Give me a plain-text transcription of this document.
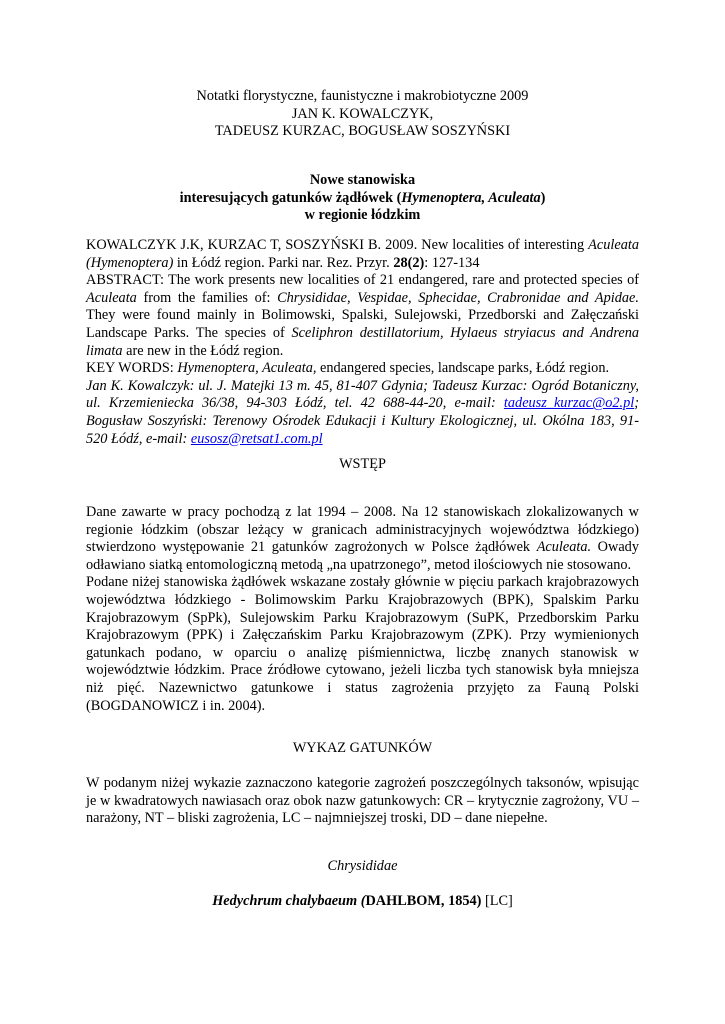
Notatki florystyczne, faunistyczne i makrobiotyczne 2009

JAN K. KOWALCZYK,

TADEUSZ KURZAC, BOGUSŁAW SOSZYŃSKI

Nowe stanowiska

interesujących gatunków żądłówek (Hymenoptera, Aculeata)

w regionie łódzkim

KOWALCZYK J.K, KURZAC T, SOSZYŃSKI B. 2009. New localities of interesting Aculeata (Hymenoptera) in Łódź region. Parki nar. Rez. Przyr. 28(2): 127-134

ABSTRACT: The work presents new localities of 21 endangered, rare and protected species of Aculeata from the families of: Chrysididae, Vespidae, Sphecidae, Crabronidae and Apidae. They were found mainly in Bolimowski, Spalski, Sulejowski, Przedborski and Załęczański Landscape Parks. The species of Sceliphron destillatorium, Hylaeus stryiacus and Andrena limata are new in the Łódź region.

KEY WORDS: Hymenoptera, Aculeata, endangered species, landscape parks, Łódź region.

Jan K. Kowalczyk: ul. J. Matejki 13 m. 45, 81-407 Gdynia; Tadeusz Kurzac: Ogród Botaniczny, ul. Krzemieniecka 36/38, 94-303 Łódź, tel. 42 688-44-20, e-mail: tadeusz_kurzac@o2.pl; Bogusław Soszyński: Terenowy Ośrodek Edukacji i Kultury Ekologicznej, ul. Okólna 183, 91-520 Łódź, e-mail: eusosz@retsat1.com.pl

WSTĘP

Dane zawarte w pracy pochodzą z lat 1994 – 2008. Na 12 stanowiskach zlokalizowanych w regionie łódzkim (obszar leżący w granicach administracyjnych województwa łódzkiego) stwierdzono występowanie 21 gatunków zagrożonych w Polsce żądłówek Aculeata. Owady odławiano siatką entomologiczną metodą „na upatrzonego”, metod ilościowych nie stosowano.

Podane niżej stanowiska żądłówek wskazane zostały głównie w pięciu parkach krajobrazowych województwa łódzkiego - Bolimowskim Parku Krajobrazowych (BPK), Spalskim Parku Krajobrazowym (SpPk), Sulejowskim Parku Krajobrazowym (SuPK, Przedborskim Parku Krajobrazowym (PPK) i Załęczańskim Parku Krajobrazowym (ZPK). Przy wymienionych gatunkach podano, w oparciu o analizę piśmiennictwa, liczbę znanych stanowisk w województwie łódzkim. Prace źródłowe cytowano, jeżeli liczba tych stanowisk była mniejsza niż pięć. Nazewnictwo gatunkowe i status zagrożenia przyjęto za Fauną Polski (BOGDANOWICZ i in. 2004).

WYKAZ GATUNKÓW

W podanym niżej wykazie zaznaczono kategorie zagrożeń poszczególnych taksonów, wpisując je w kwadratowych nawiasach oraz obok nazw gatunkowych: CR – krytycznie zagrożony, VU – narażony, NT – bliski zagrożenia, LC – najmniejszej troski, DD – dane niepełne.

Chrysididae

Hedychrum chalybaeum (DAHLBOM, 1854) [LC]
